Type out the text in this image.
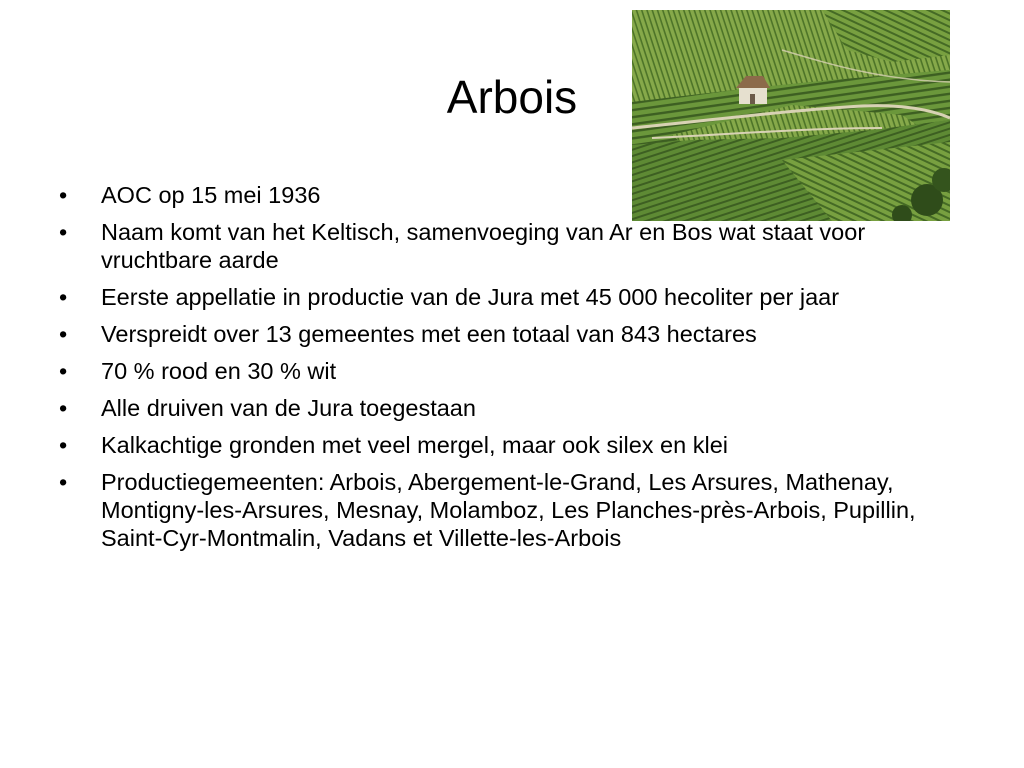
Arbois
•	AOC op 15 mei 1936
•	Naam komt van het Keltisch, samenvoeging van Ar en Bos wat staat voor vruchtbare aarde
•	Eerste appellatie in productie van de Jura met 45 000 hecoliter per jaar
•	Verspreidt over 13 gemeentes met een totaal van 843 hectares
•	70 % rood en 30 % wit
•	Alle druiven van de Jura toegestaan
•	Kalkachtige gronden met veel mergel, maar ook silex en klei
•	Productiegemeenten: Arbois, Abergement-le-Grand, Les Arsures, Mathenay, Montigny-les-Arsures, Mesnay, Molamboz, Les Planches-près-Arbois, Pupillin, Saint-Cyr-Montmalin, Vadans et Villette-les-Arbois
